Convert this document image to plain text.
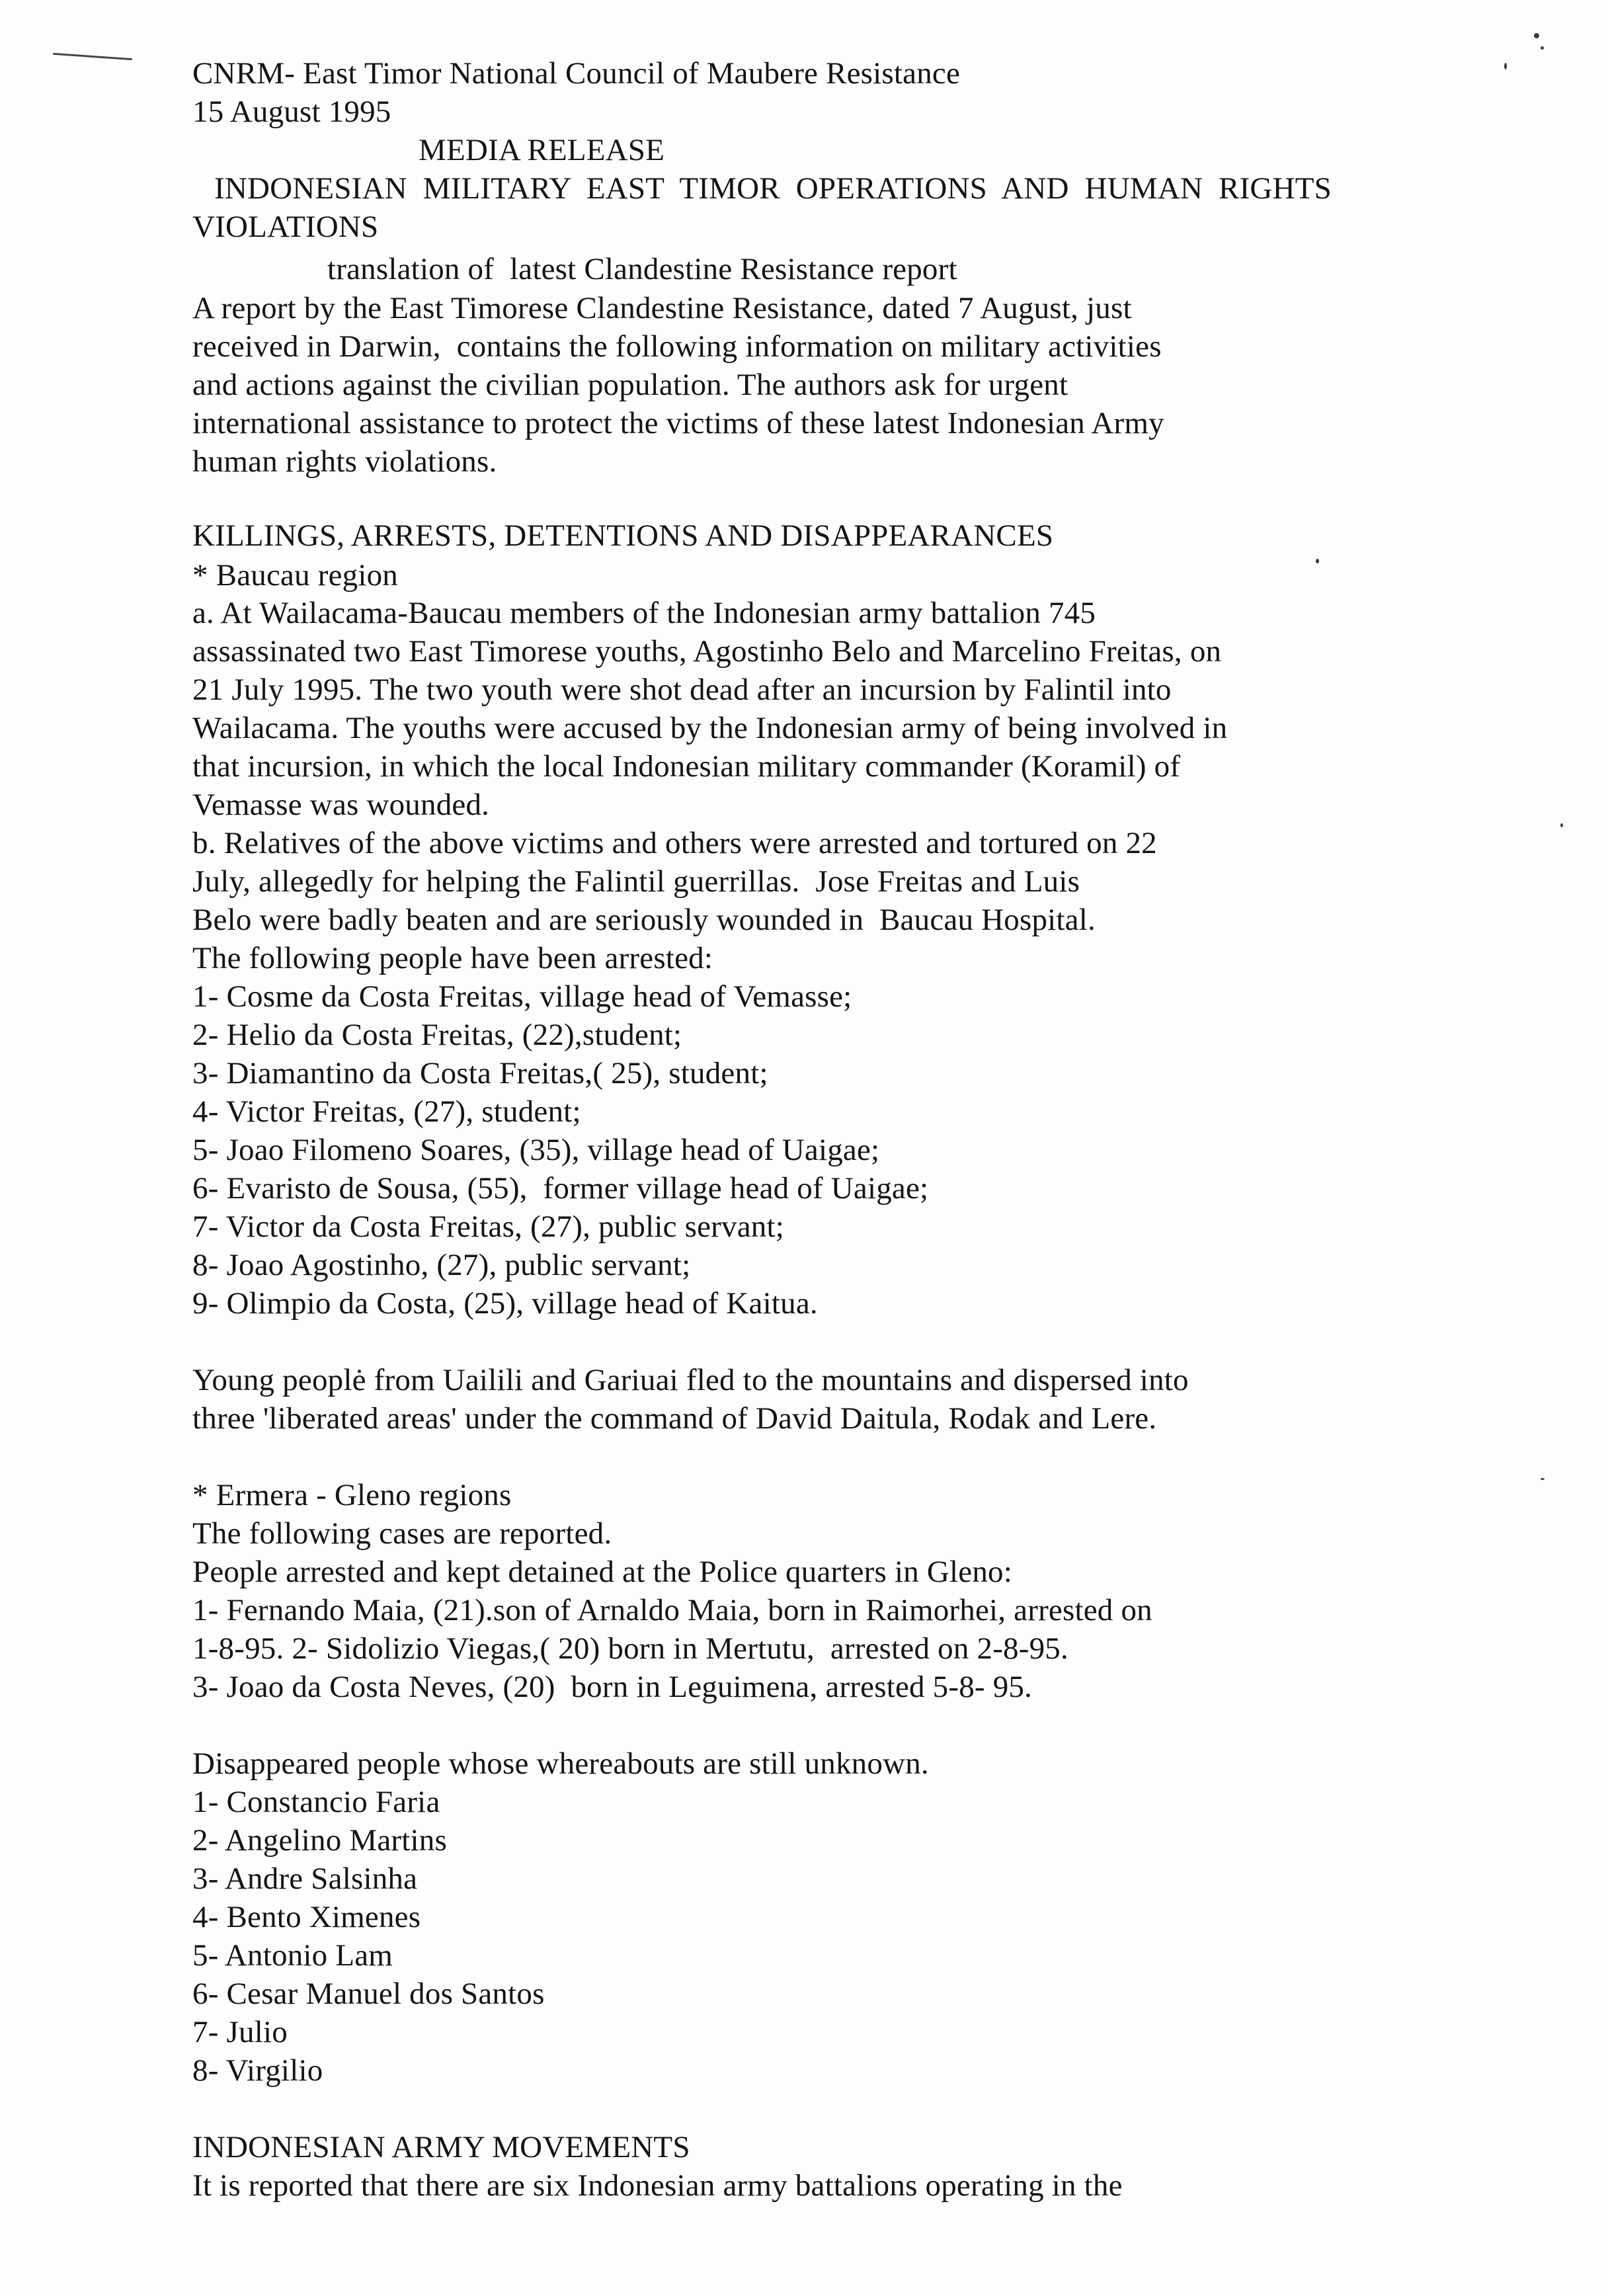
CNRM- East Timor National Council of Maubere Resistance
15 August 1995
MEDIA RELEASE
INDONESIAN  MILITARY  EAST  TIMOR  OPERATIONS  AND  HUMAN  RIGHTS
VIOLATIONS
translation of  latest Clandestine Resistance report
A report by the East Timorese Clandestine Resistance, dated 7 August, just
received in Darwin,  contains the following information on military activities
and actions against the civilian population. The authors ask for urgent
international assistance to protect the victims of these latest Indonesian Army
human rights violations.
KILLINGS, ARRESTS, DETENTIONS AND DISAPPEARANCES
* Baucau region
a. At Wailacama-Baucau members of the Indonesian army battalion 745
assassinated two East Timorese youths, Agostinho Belo and Marcelino Freitas, on
21 July 1995. The two youth were shot dead after an incursion by Falintil into
Wailacama. The youths were accused by the Indonesian army of being involved in
that incursion, in which the local Indonesian military commander (Koramil) of
Vemasse was wounded.
b. Relatives of the above victims and others were arrested and tortured on 22
July, allegedly for helping the Falintil guerrillas.  Jose Freitas and Luis
Belo were badly beaten and are seriously wounded in  Baucau Hospital.
The following people have been arrested:
1- Cosme da Costa Freitas, village head of Vemasse;
2- Helio da Costa Freitas, (22),student;
3- Diamantino da Costa Freitas,( 25), student;
4- Victor Freitas, (27), student;
5- Joao Filomeno Soares, (35), village head of Uaigae;
6- Evaristo de Sousa, (55),  former village head of Uaigae;
7- Victor da Costa Freitas, (27), public servant;
8- Joao Agostinho, (27), public servant;
9- Olimpio da Costa, (25), village head of Kaitua.
Young peoplė from Uailili and Gariuai fled to the mountains and dispersed into
three 'liberated areas' under the command of David Daitula, Rodak and Lere.
* Ermera - Gleno regions
The following cases are reported.
People arrested and kept detained at the Police quarters in Gleno:
1- Fernando Maia, (21).son of Arnaldo Maia, born in Raimorhei, arrested on
1-8-95. 2- Sidolizio Viegas,( 20) born in Mertutu,  arrested on 2-8-95.
3- Joao da Costa Neves, (20)  born in Leguimena, arrested 5-8- 95.
Disappeared people whose whereabouts are still unknown.
1- Constancio Faria
2- Angelino Martins
3- Andre Salsinha
4- Bento Ximenes
5- Antonio Lam
6- Cesar Manuel dos Santos
7- Julio
8- Virgilio
INDONESIAN ARMY MOVEMENTS
It is reported that there are six Indonesian army battalions operating in the
